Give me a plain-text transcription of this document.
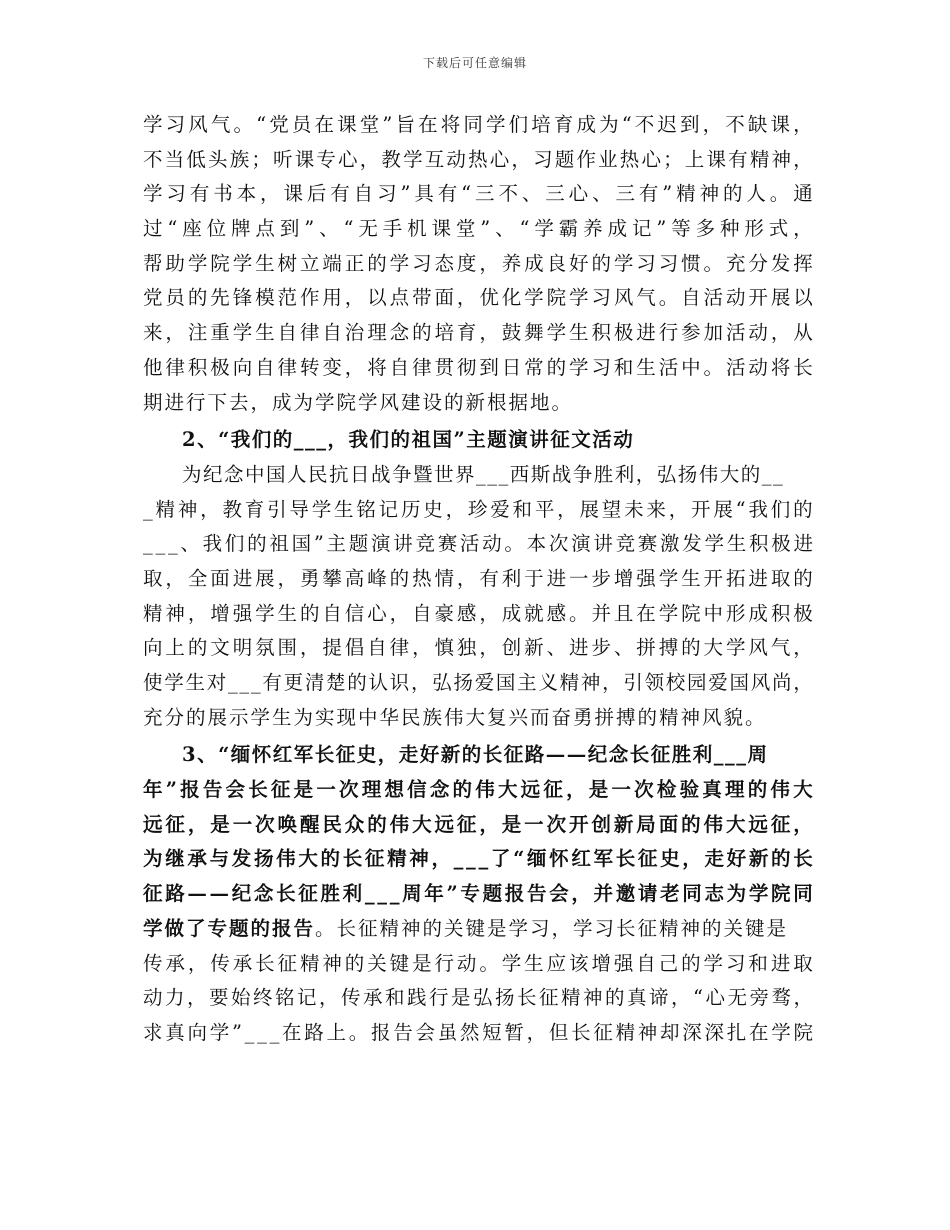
下载后可任意编辑
学 习 风 气 。 “ 党 员 在 课 堂 ” 旨 在 将 同 学 们 培 育 成 为 “ 不 迟 到 ， 不 缺 课 ，
不 当 低 头 族 ； 听 课 专 心 ， 教 学 互 动 热 心 ， 习 题 作 业 热 心 ； 上 课 有 精 神 ，
学 习 有 书 本 ， 课 后 有 自 习 ” 具 有 “ 三 不 、 三 心 、 三 有 ” 精 神 的 人 。 通
过 “ 座 位 牌 点 到 ” 、 “ 无 手 机 课 堂 ” 、 “ 学 霸 养 成 记 ” 等 多 种 形 式 ，
帮 助 学 院 学 生 树 立 端 正 的 学 习 态 度 ， 养 成 良 好 的 学 习 习 惯 。 充 分 发 挥
党 员 的 先 锋 模 范 作 用 ， 以 点 带 面 ， 优 化 学 院 学 习 风 气 。 自 活 动 开 展 以
来 ， 注 重 学 生 自 律 自 治 理 念 的 培 育 ， 鼓 舞 学 生 积 极 进 行 参 加 活 动 ， 从
他 律 积 极 向 自 律 转 变 ， 将 自 律 贯 彻 到 日 常 的 学 习 和 生 活 中 。 活 动 将 长
期进行下去，成为学院学风建设的新根据地。
2、“我们的___，我们的祖国”主题演讲征文活动
为纪念中国人民抗日战争暨世界___西斯战争胜利，弘扬伟大的__
_ 精 神 ， 教 育 引 导 学 生 铭 记 历 史 ， 珍 爱 和 平 ， 展 望 未 来 ， 开 展 “ 我 们 的
_ _ _ 、 我 们 的 祖 国 ” 主 题 演 讲 竞 赛 活 动 。 本 次 演 讲 竞 赛 激 发 学 生 积 极 进
取 ， 全 面 进 展 ， 勇 攀 高 峰 的 热 情 ， 有 利 于 进 一 步 增 强 学 生 开 拓 进 取 的
精 神 ， 增 强 学 生 的 自 信 心 ， 自 豪 感 ， 成 就 感 。 并 且 在 学 院 中 形 成 积 极
向 上 的 文 明 氛 围 ， 提 倡 自 律 ， 慎 独 ， 创 新 、 进 步 、 拼 搏 的 大 学 风 气 ，
使 学 生 对 _ _ _ 有 更 清 楚 的 认 识 ， 弘 扬 爱 国 主 义 精 神 ， 引 领 校 园 爱 国 风 尚 ，
充分的展示学生为实现中华民族伟大复兴而奋勇拼搏的精神风貌。
3、“缅怀红军长征史，走好新的长征路——纪念长征胜利___周
年 ” 报 告 会 长 征 是 一 次 理 想 信 念 的 伟 大 远 征 ， 是 一 次 检 验 真 理 的 伟 大
远 征 ， 是 一 次 唤 醒 民 众 的 伟 大 远 征 ， 是 一 次 开 创 新 局 面 的 伟 大 远 征 ，
为 继 承 与 发 扬 伟 大 的 长 征 精 神 ， _ _ _ 了 “ 缅 怀 红 军 长 征 史 ， 走 好 新 的 长
征 路 — — 纪 念 长 征 胜 利 _ _ _ 周 年 ” 专 题 报 告 会 ， 并 邀 请 老 同 志 为 学 院 同
学做了专题的报告 。长征精神的关键是学习，学习长征精神的关键是
传 承 ， 传 承 长 征 精 神 的 关 键 是 行 动 。 学 生 应 该 增 强 自 己 的 学 习 和 进 取
动 力 ， 要 始 终 铭 记 ， 传 承 和 践 行 是 弘 扬 长 征 精 神 的 真 谛 ， “ 心 无 旁 骛 ，
求 真 向 学 ” _ _ _ 在 路 上 。 报 告 会 虽 然 短 暂 ， 但 长 征 精 神 却 深 深 扎 在 学 院
